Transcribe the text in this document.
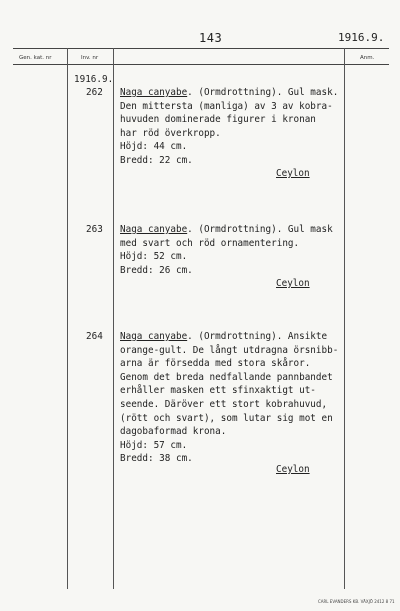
143	1916.9.
Gen. kat. nr	Inv. nr	Anm.
1916.9.
262 Naga canyabe. (Ormdrottning). Gul mask.
Den mittersta (manliga) av 3 av kobra-
huvuden dominerade figurer i kronan
har röd överkropp.
Höjd: 44 cm.
Bredd: 22 cm.
Ceylon
263 Naga canyabe. (Ormdrottning). Gul mask
med svart och röd ornamentering.
Höjd: 52 cm.
Bredd: 26 cm.
Ceylon
264 Naga canyabe. (Ormdrottning). Ansikte
orange-gult. De långt utdragna örsnibb-
arna är försedda med stora skåror.
Genom det breda nedfallande pannbandet
erhåller masken ett sfinxaktigt ut-
seende. Däröver ett stort kobrahuvud,
(rött och svart), som lutar sig mot en
dagobaformad krona.
Höjd: 57 cm.
Bredd: 38 cm.
Ceylon
CARL EVANDERS KB. VÄXJÖ 2412 8 71
